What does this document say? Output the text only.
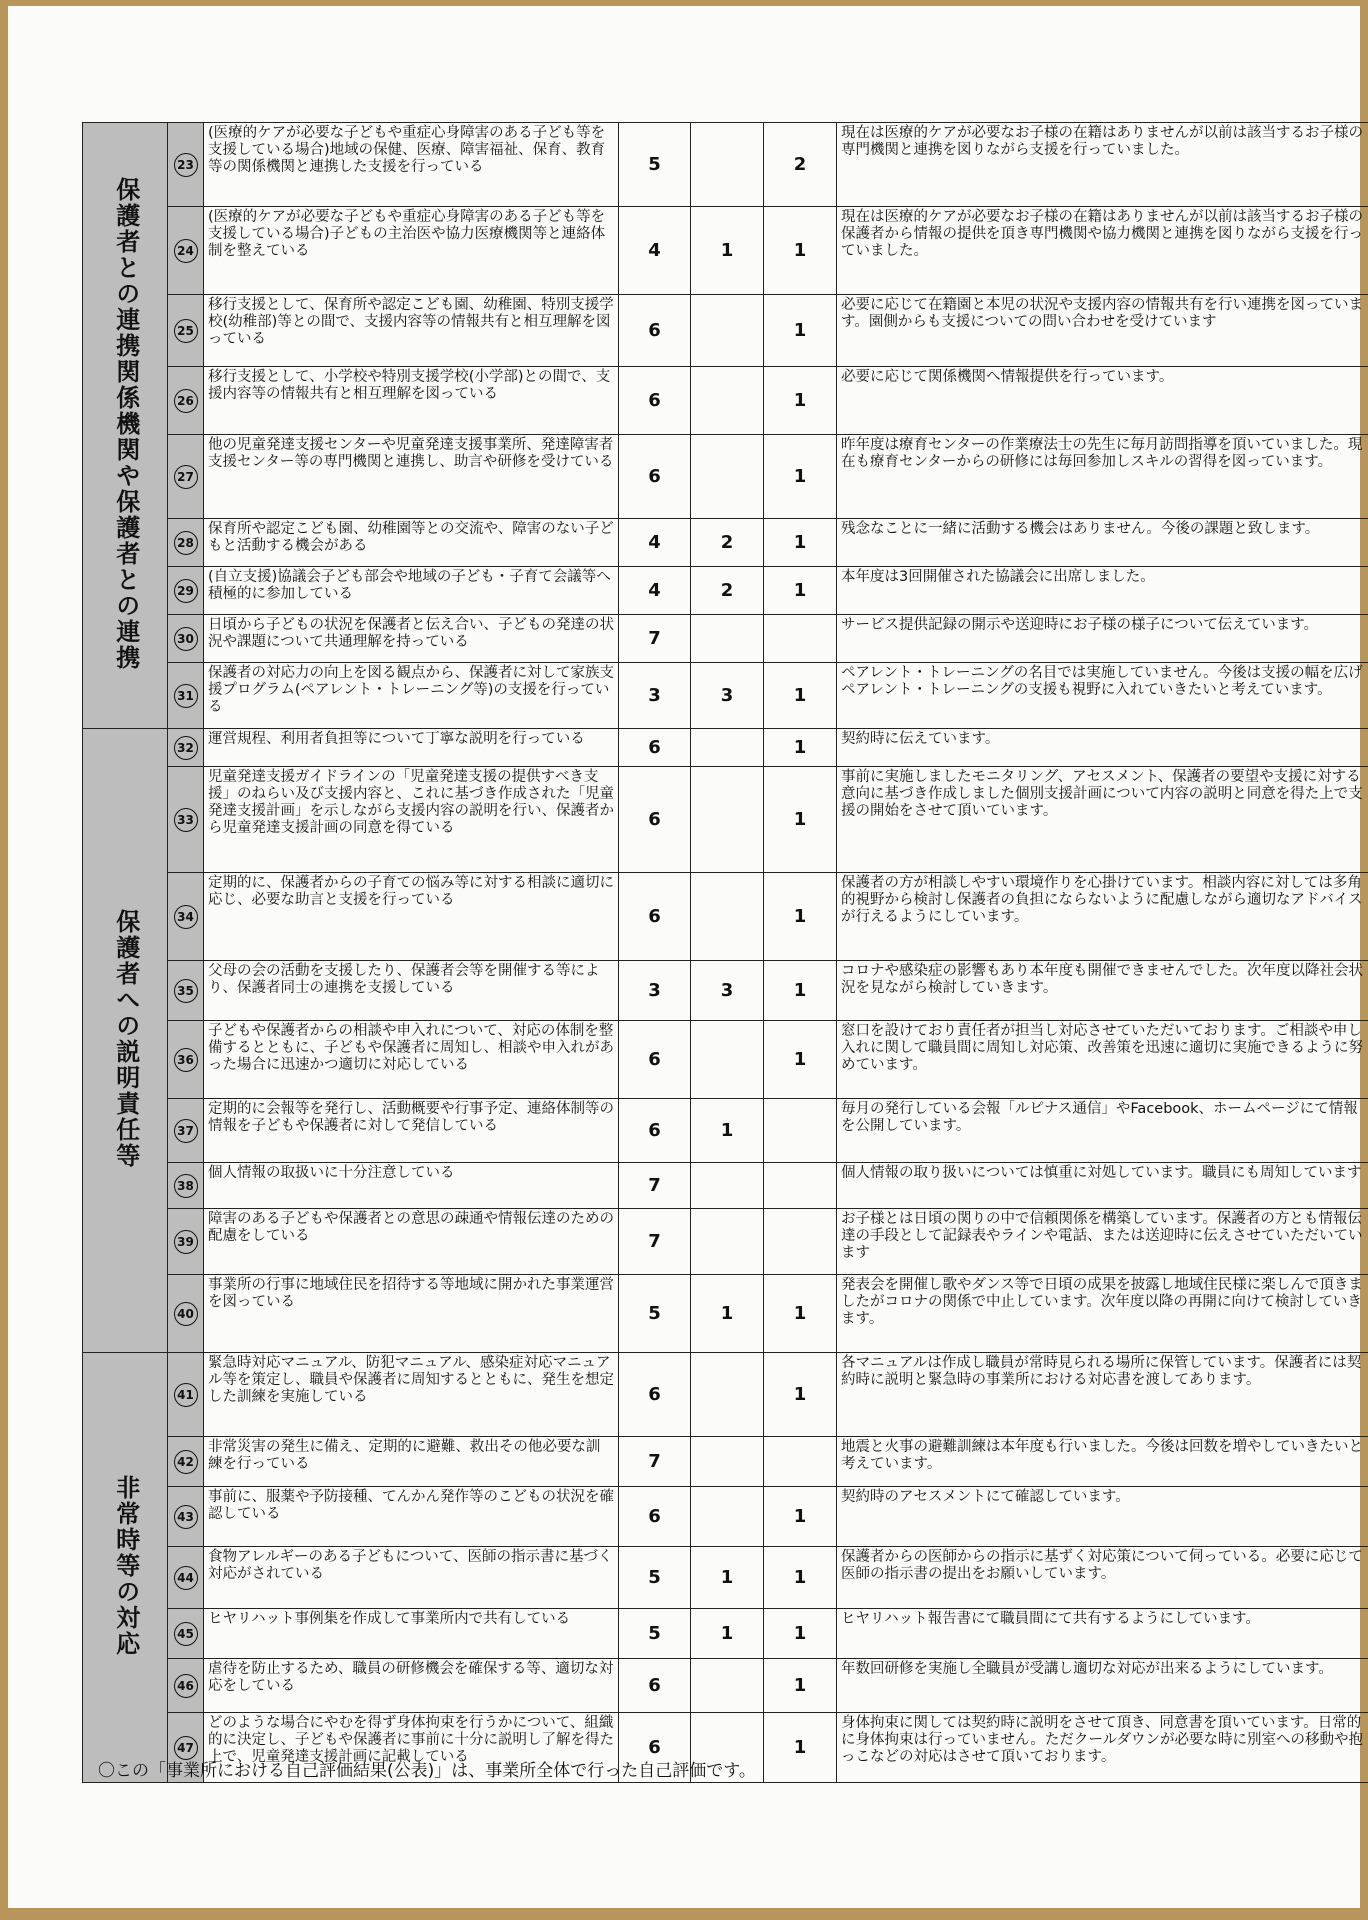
保護者との連携関係機関や保護者との連携	23	(医療的ケアが必要な子どもや重症心身障害のある子ども等を支援している場合)地域の保健、医療、障害福祉、保育、教育等の関係機関と連携した支援を行っている	5		2	現在は医療的ケアが必要なお子様の在籍はありませんが以前は該当するお子様の専門機関と連携を図りながら支援を行っていました。
	24	(医療的ケアが必要な子どもや重症心身障害のある子ども等を支援している場合)子どもの主治医や協力医療機関等と連絡体制を整えている	4	1	1	現在は医療的ケアが必要なお子様の在籍はありませんが以前は該当するお子様の保護者から情報の提供を頂き専門機関や協力機関と連携を図りながら支援を行っていました。
	25	移行支援として、保育所や認定こども園、幼稚園、特別支援学校(幼稚部)等との間で、支援内容等の情報共有と相互理解を図っている	6		1	必要に応じて在籍園と本児の状況や支援内容の情報共有を行い連携を図っています。園側からも支援についての問い合わせを受けています
	26	移行支援として、小学校や特別支援学校(小学部)との間で、支援内容等の情報共有と相互理解を図っている	6		1	必要に応じて関係機関へ情報提供を行っています。
	27	他の児童発達支援センターや児童発達支援事業所、発達障害者支援センター等の専門機関と連携し、助言や研修を受けている	6		1	昨年度は療育センターの作業療法士の先生に毎月訪問指導を頂いていました。現在も療育センターからの研修には毎回参加しスキルの習得を図っています。
	28	保育所や認定こども園、幼稚園等との交流や、障害のない子どもと活動する機会がある	4	2	1	残念なことに一緒に活動する機会はありません。今後の課題と致します。
	29	(自立支援)協議会子ども部会や地域の子ども・子育て会議等へ積極的に参加している	4	2	1	本年度は3回開催された協議会に出席しました。
	30	日頃から子どもの状況を保護者と伝え合い、子どもの発達の状況や課題について共通理解を持っている	7			サービス提供記録の開示や送迎時にお子様の様子について伝えています。
	31	保護者の対応力の向上を図る観点から、保護者に対して家族支援プログラム(ペアレント・トレーニング等)の支援を行っている	3	3	1	ペアレント・トレーニングの名目では実施していません。今後は支援の幅を広げペアレント・トレーニングの支援も視野に入れていきたいと考えています。
保護者への説明責任等	32	運営規程、利用者負担等について丁寧な説明を行っている	6		1	契約時に伝えています。
	33	児童発達支援ガイドラインの「児童発達支援の提供すべき支援」のねらい及び支援内容と、これに基づき作成された「児童発達支援計画」を示しながら支援内容の説明を行い、保護者から児童発達支援計画の同意を得ている	6		1	事前に実施しましたモニタリング、アセスメント、保護者の要望や支援に対する意向に基づき作成しました個別支援計画について内容の説明と同意を得た上で支援の開始をさせて頂いています。
	34	定期的に、保護者からの子育ての悩み等に対する相談に適切に応じ、必要な助言と支援を行っている	6		1	保護者の方が相談しやすい環境作りを心掛けています。相談内容に対しては多角的視野から検討し保護者の負担にならないように配慮しながら適切なアドバイスが行えるようにしています。
	35	父母の会の活動を支援したり、保護者会等を開催する等により、保護者同士の連携を支援している	3	3	1	コロナや感染症の影響もあり本年度も開催できませんでした。次年度以降社会状況を見ながら検討していきます。
	36	子どもや保護者からの相談や申入れについて、対応の体制を整備するとともに、子どもや保護者に周知し、相談や申入れがあった場合に迅速かつ適切に対応している	6		1	窓口を設けており責任者が担当し対応させていただいております。ご相談や申し入れに関して職員間に周知し対応策、改善策を迅速に適切に実施できるように努めています。
	37	定期的に会報等を発行し、活動概要や行事予定、連絡体制等の情報を子どもや保護者に対して発信している	6	1		毎月の発行している会報「ルピナス通信」やFacebook、ホームページにて情報を公開しています。
	38	個人情報の取扱いに十分注意している	7			個人情報の取り扱いについては慎重に対処しています。職員にも周知しています
	39	障害のある子どもや保護者との意思の疎通や情報伝達のための配慮をしている	7			お子様とは日頃の関りの中で信頼関係を構築しています。保護者の方とも情報伝達の手段として記録表やラインや電話、または送迎時に伝えさせていただいています
	40	事業所の行事に地域住民を招待する等地域に開かれた事業運営を図っている	5	1	1	発表会を開催し歌やダンス等で日頃の成果を披露し地域住民様に楽しんで頂きましたがコロナの関係で中止しています。次年度以降の再開に向けて検討していきます。
非常時等の対応	41	緊急時対応マニュアル、防犯マニュアル、感染症対応マニュアル等を策定し、職員や保護者に周知するとともに、発生を想定した訓練を実施している	6		1	各マニュアルは作成し職員が常時見られる場所に保管しています。保護者には契約時に説明と緊急時の事業所における対応書を渡してあります。
	42	非常災害の発生に備え、定期的に避難、救出その他必要な訓練を行っている	7			地震と火事の避難訓練は本年度も行いました。今後は回数を増やしていきたいと考えています。
	43	事前に、服薬や予防接種、てんかん発作等のこどもの状況を確認している	6		1	契約時のアセスメントにて確認しています。
	44	食物アレルギーのある子どもについて、医師の指示書に基づく対応がされている	5	1	1	保護者からの医師からの指示に基ずく対応策について伺っている。必要に応じて医師の指示書の提出をお願いしています。
	45	ヒヤリハット事例集を作成して事業所内で共有している	5	1	1	ヒヤリハット報告書にて職員間にて共有するようにしています。
	46	虐待を防止するため、職員の研修機会を確保する等、適切な対応をしている	6		1	年数回研修を実施し全職員が受講し適切な対応が出来るようにしています。
	47	どのような場合にやむを得ず身体拘束を行うかについて、組織的に決定し、子どもや保護者に事前に十分に説明し了解を得た上で、児童発達支援計画に記載している	6		1	身体拘束に関しては契約時に説明をさせて頂き、同意書を頂いています。日常的に身体拘束は行っていません。ただクールダウンが必要な時に別室への移動や抱っこなどの対応はさせて頂いております。
〇この「事業所における自己評価結果(公表)」は、事業所全体で行った自己評価です。
